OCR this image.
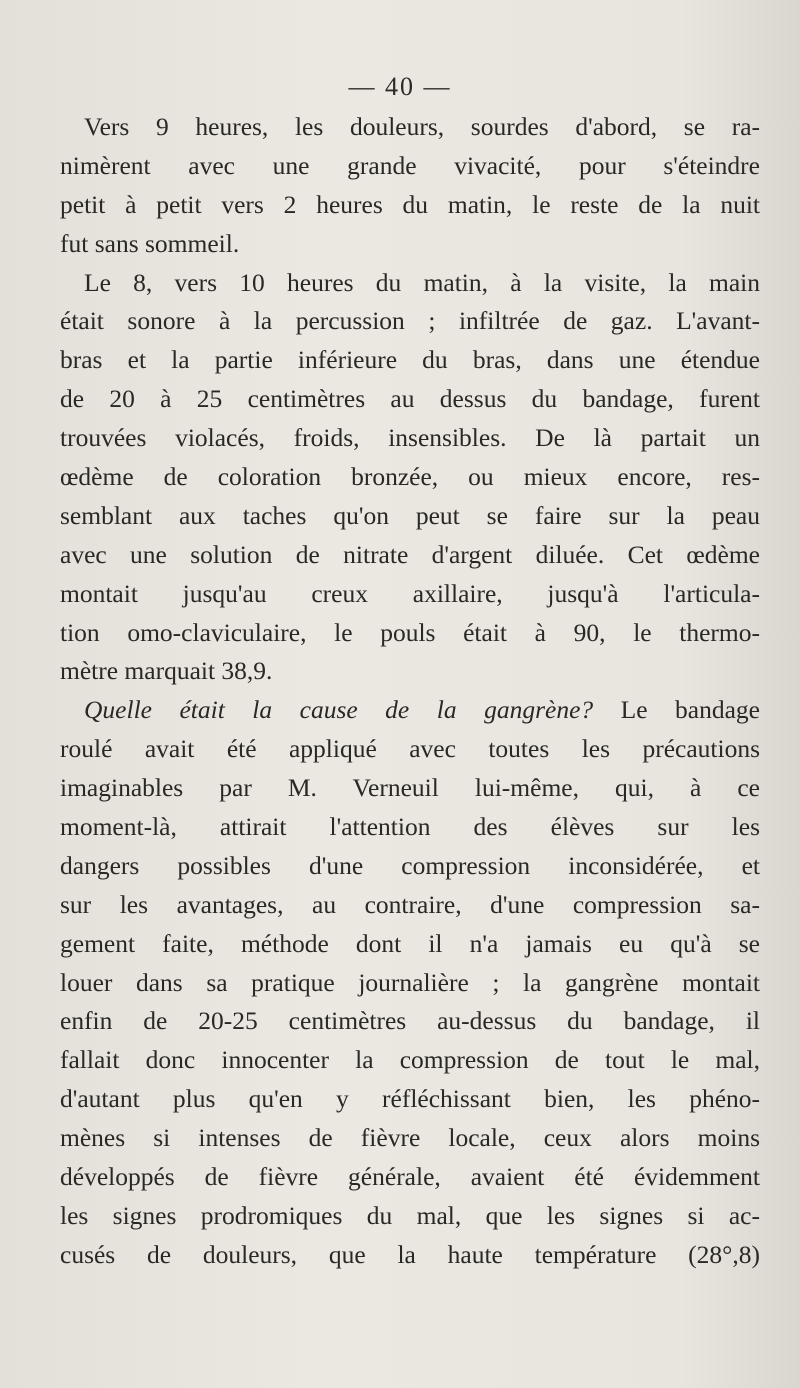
— 40 —
Vers 9 heures, les douleurs, sourdes d'abord, se ra-
nimèrent avec une grande vivacité, pour s'éteindre
petit à petit vers 2 heures du matin, le reste de la nuit
fut sans sommeil.
Le 8, vers 10 heures du matin, à la visite, la main
était sonore à la percussion ; infiltrée de gaz. L'avant-
bras et la partie inférieure du bras, dans une étendue
de 20 à 25 centimètres au dessus du bandage, furent
trouvées violacés, froids, insensibles. De là partait un
œdème de coloration bronzée, ou mieux encore, res-
semblant aux taches qu'on peut se faire sur la peau
avec une solution de nitrate d'argent diluée. Cet œdème
montait jusqu'au creux axillaire, jusqu'à l'articula-
tion omo-claviculaire, le pouls était à 90, le thermo-
mètre marquait 38,9.
Quelle était la cause de la gangrène? Le bandage
roulé avait été appliqué avec toutes les précautions
imaginables par M. Verneuil lui-même, qui, à ce
moment-là, attirait l'attention des élèves sur les
dangers possibles d'une compression inconsidérée, et
sur les avantages, au contraire, d'une compression sa-
gement faite, méthode dont il n'a jamais eu qu'à se
louer dans sa pratique journalière ; la gangrène montait
enfin de 20-25 centimètres au-dessus du bandage, il
fallait donc innocenter la compression de tout le mal,
d'autant plus qu'en y réfléchissant bien, les phéno-
mènes si intenses de fièvre locale, ceux alors moins
développés de fièvre générale, avaient été évidemment
les signes prodromiques du mal, que les signes si ac-
cusés de douleurs, que la haute température (28°,8)
